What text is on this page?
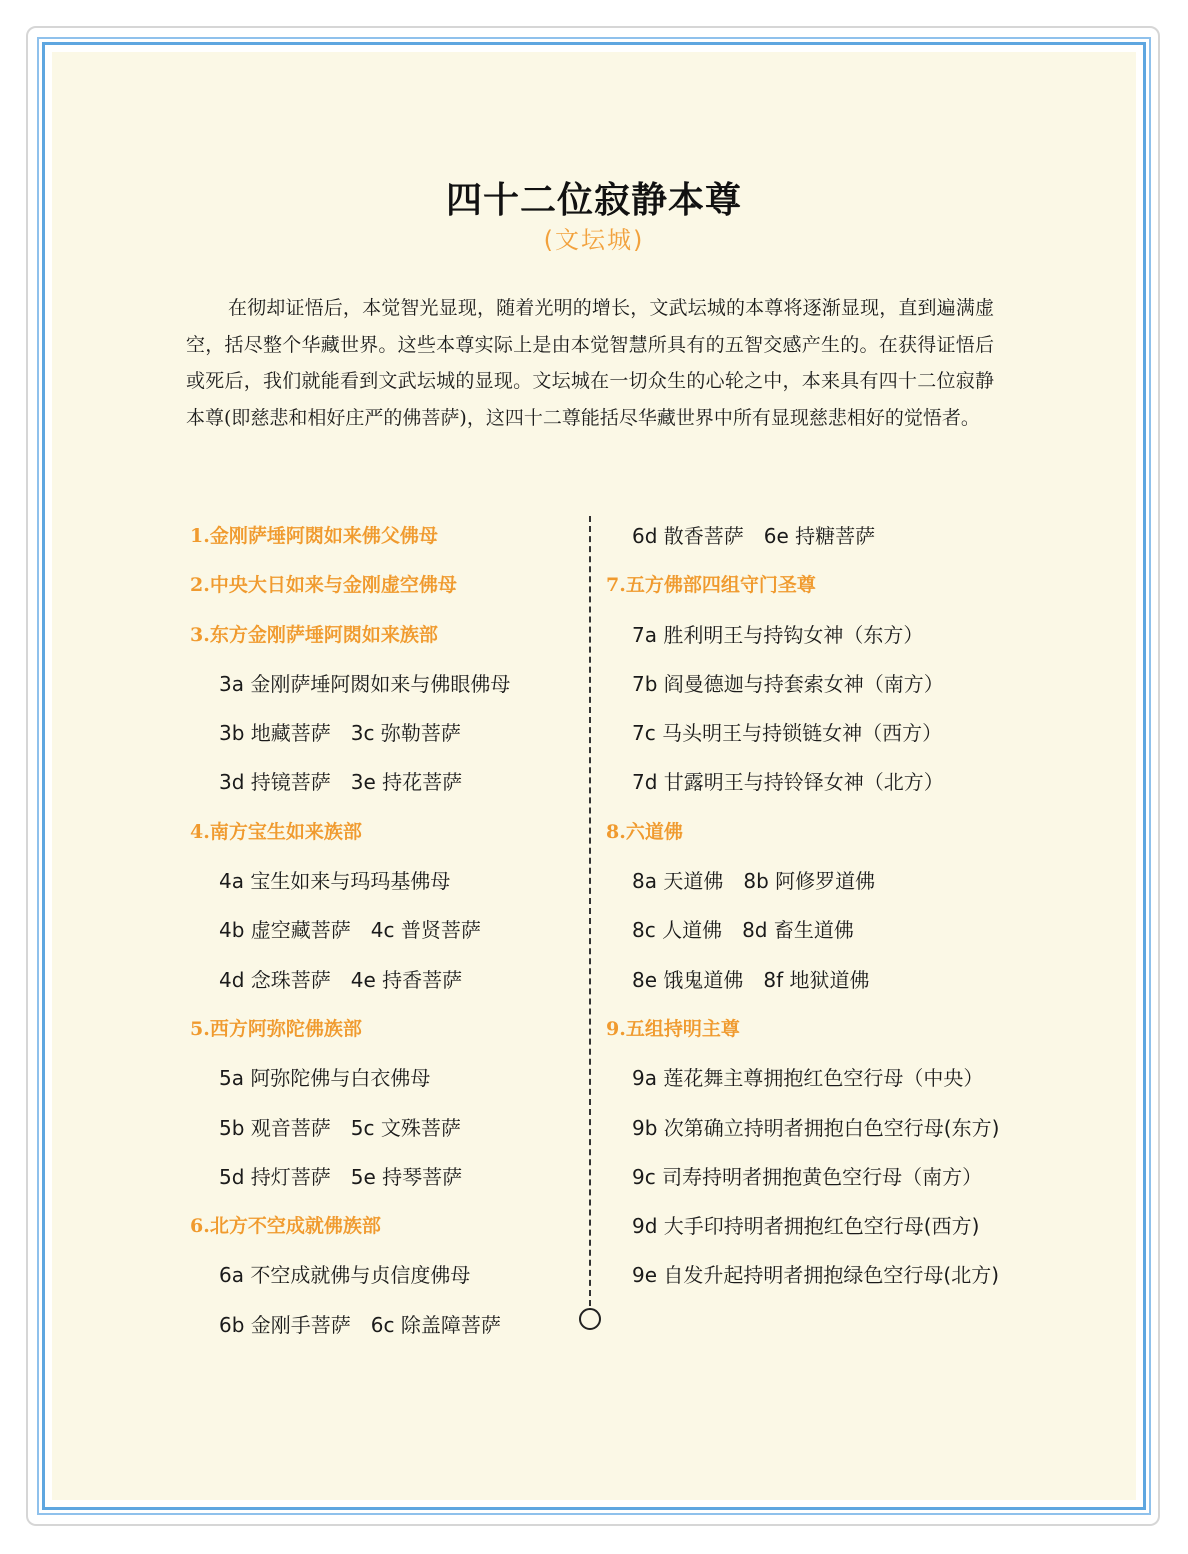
四十二位寂静本尊
(文坛城)
在彻却证悟后，本觉智光显现，随着光明的增长，文武坛城的本尊将逐渐显现，直到遍满虚空，括尽整个华藏世界。这些本尊实际上是由本觉智慧所具有的五智交感产生的。在获得证悟后或死后，我们就能看到文武坛城的显现。文坛城在一切众生的心轮之中，本来具有四十二位寂静本尊(即慈悲和相好庄严的佛菩萨)，这四十二尊能括尽华藏世界中所有显现慈悲相好的觉悟者。
1.金刚萨埵阿閦如来佛父佛母
2.中央大日如来与金刚虚空佛母
3.东方金刚萨埵阿閦如来族部
3a 金刚萨埵阿閦如来与佛眼佛母
3b 地藏菩萨 3c 弥勒菩萨
3d 持镜菩萨 3e 持花菩萨
4.南方宝生如来族部
4a 宝生如来与玛玛基佛母
4b 虚空藏菩萨 4c 普贤菩萨
4d 念珠菩萨 4e 持香菩萨
5.西方阿弥陀佛族部
5a 阿弥陀佛与白衣佛母
5b 观音菩萨 5c 文殊菩萨
5d 持灯菩萨 5e 持琴菩萨
6.北方不空成就佛族部
6a 不空成就佛与贞信度佛母
6b 金刚手菩萨 6c 除盖障菩萨
6d 散香菩萨 6e 持糖菩萨
7.五方佛部四组守门圣尊
7a 胜利明王与持钩女神（东方）
7b 阎曼德迦与持套索女神（南方）
7c 马头明王与持锁链女神（西方）
7d 甘露明王与持铃铎女神（北方）
8.六道佛
8a 天道佛 8b 阿修罗道佛
8c 人道佛 8d 畜生道佛
8e 饿鬼道佛 8f 地狱道佛
9.五组持明主尊
9a 莲花舞主尊拥抱红色空行母（中央）
9b 次第确立持明者拥抱白色空行母(东方)
9c 司寿持明者拥抱黄色空行母（南方）
9d 大手印持明者拥抱红色空行母(西方)
9e 自发升起持明者拥抱绿色空行母(北方)
